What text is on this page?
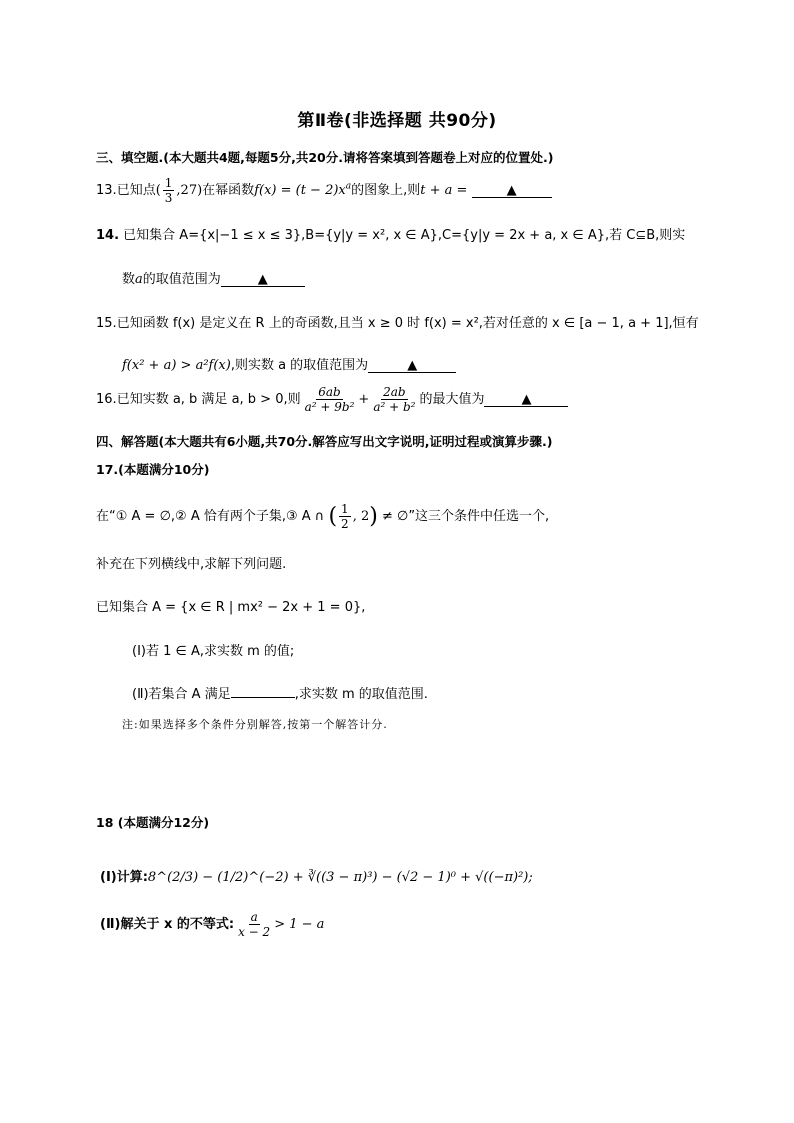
第Ⅱ卷(非选择题 共90分)
三、填空题.(本大题共4题,每题5分,共20分.请将答案填到答题卷上对应的位置处.)
13.已知点( $\frac{1}{3} ,27$)在幂函数$f(x) = (t - 2)x^a$的图象上,则t + a =	▲
14. 已知集合 A={x|−1 ≤ x ≤ 3},B={y|y = x², x ∈ A},C={y|y = 2x + a, x ∈ A},若 C⊆B,则实
数a的取值范围为	▲
15.已知函数 f(x) 是定义在 R 上的奇函数,且当 x ≥ 0 时 f(x) = x²,若对任意的 x ∈ [a − 1, a + 1],恒有
f(x² + a) > a²f(x),则实数 a 的取值范围为	▲
16.已知实数 a, b 满足 a, b > 0,则 $\frac{6ab}{\text{a² + 9b²}} + \frac{2ab}{\text{a² + b²}}$ 的最大值为	▲
四、解答题(本大题共有6小题,共70分.解答应写出文字说明,证明过程或演算步骤.)
17.(本题满分10分)
在“① A = ∅,② A 恰有两个子集,③ A ∩ ( $\frac{1}{2}$ , 2) ≠ ∅”这三个条件中任选一个,
补充在下列横线中,求解下列问题.
已知集合 A = {x ∈ R | mx² − 2x + 1 = 0},
(Ⅰ)若 1 ∈ A,求实数 m 的值;
(Ⅱ)若集合 A 满足	,求实数 m 的取值范围.
注:如果选择多个条件分别解答,按第一个解答计分.
18 (本题满分12分)
(Ⅰ)计算:8^(2/3) − (1/2)^(−2) + ∛((3 − π)³) − (√2 − 1)⁰ + √((−π)²);
(Ⅱ)解关于 x 的不等式: $\frac{a}{x - 2} > 1 - a$
